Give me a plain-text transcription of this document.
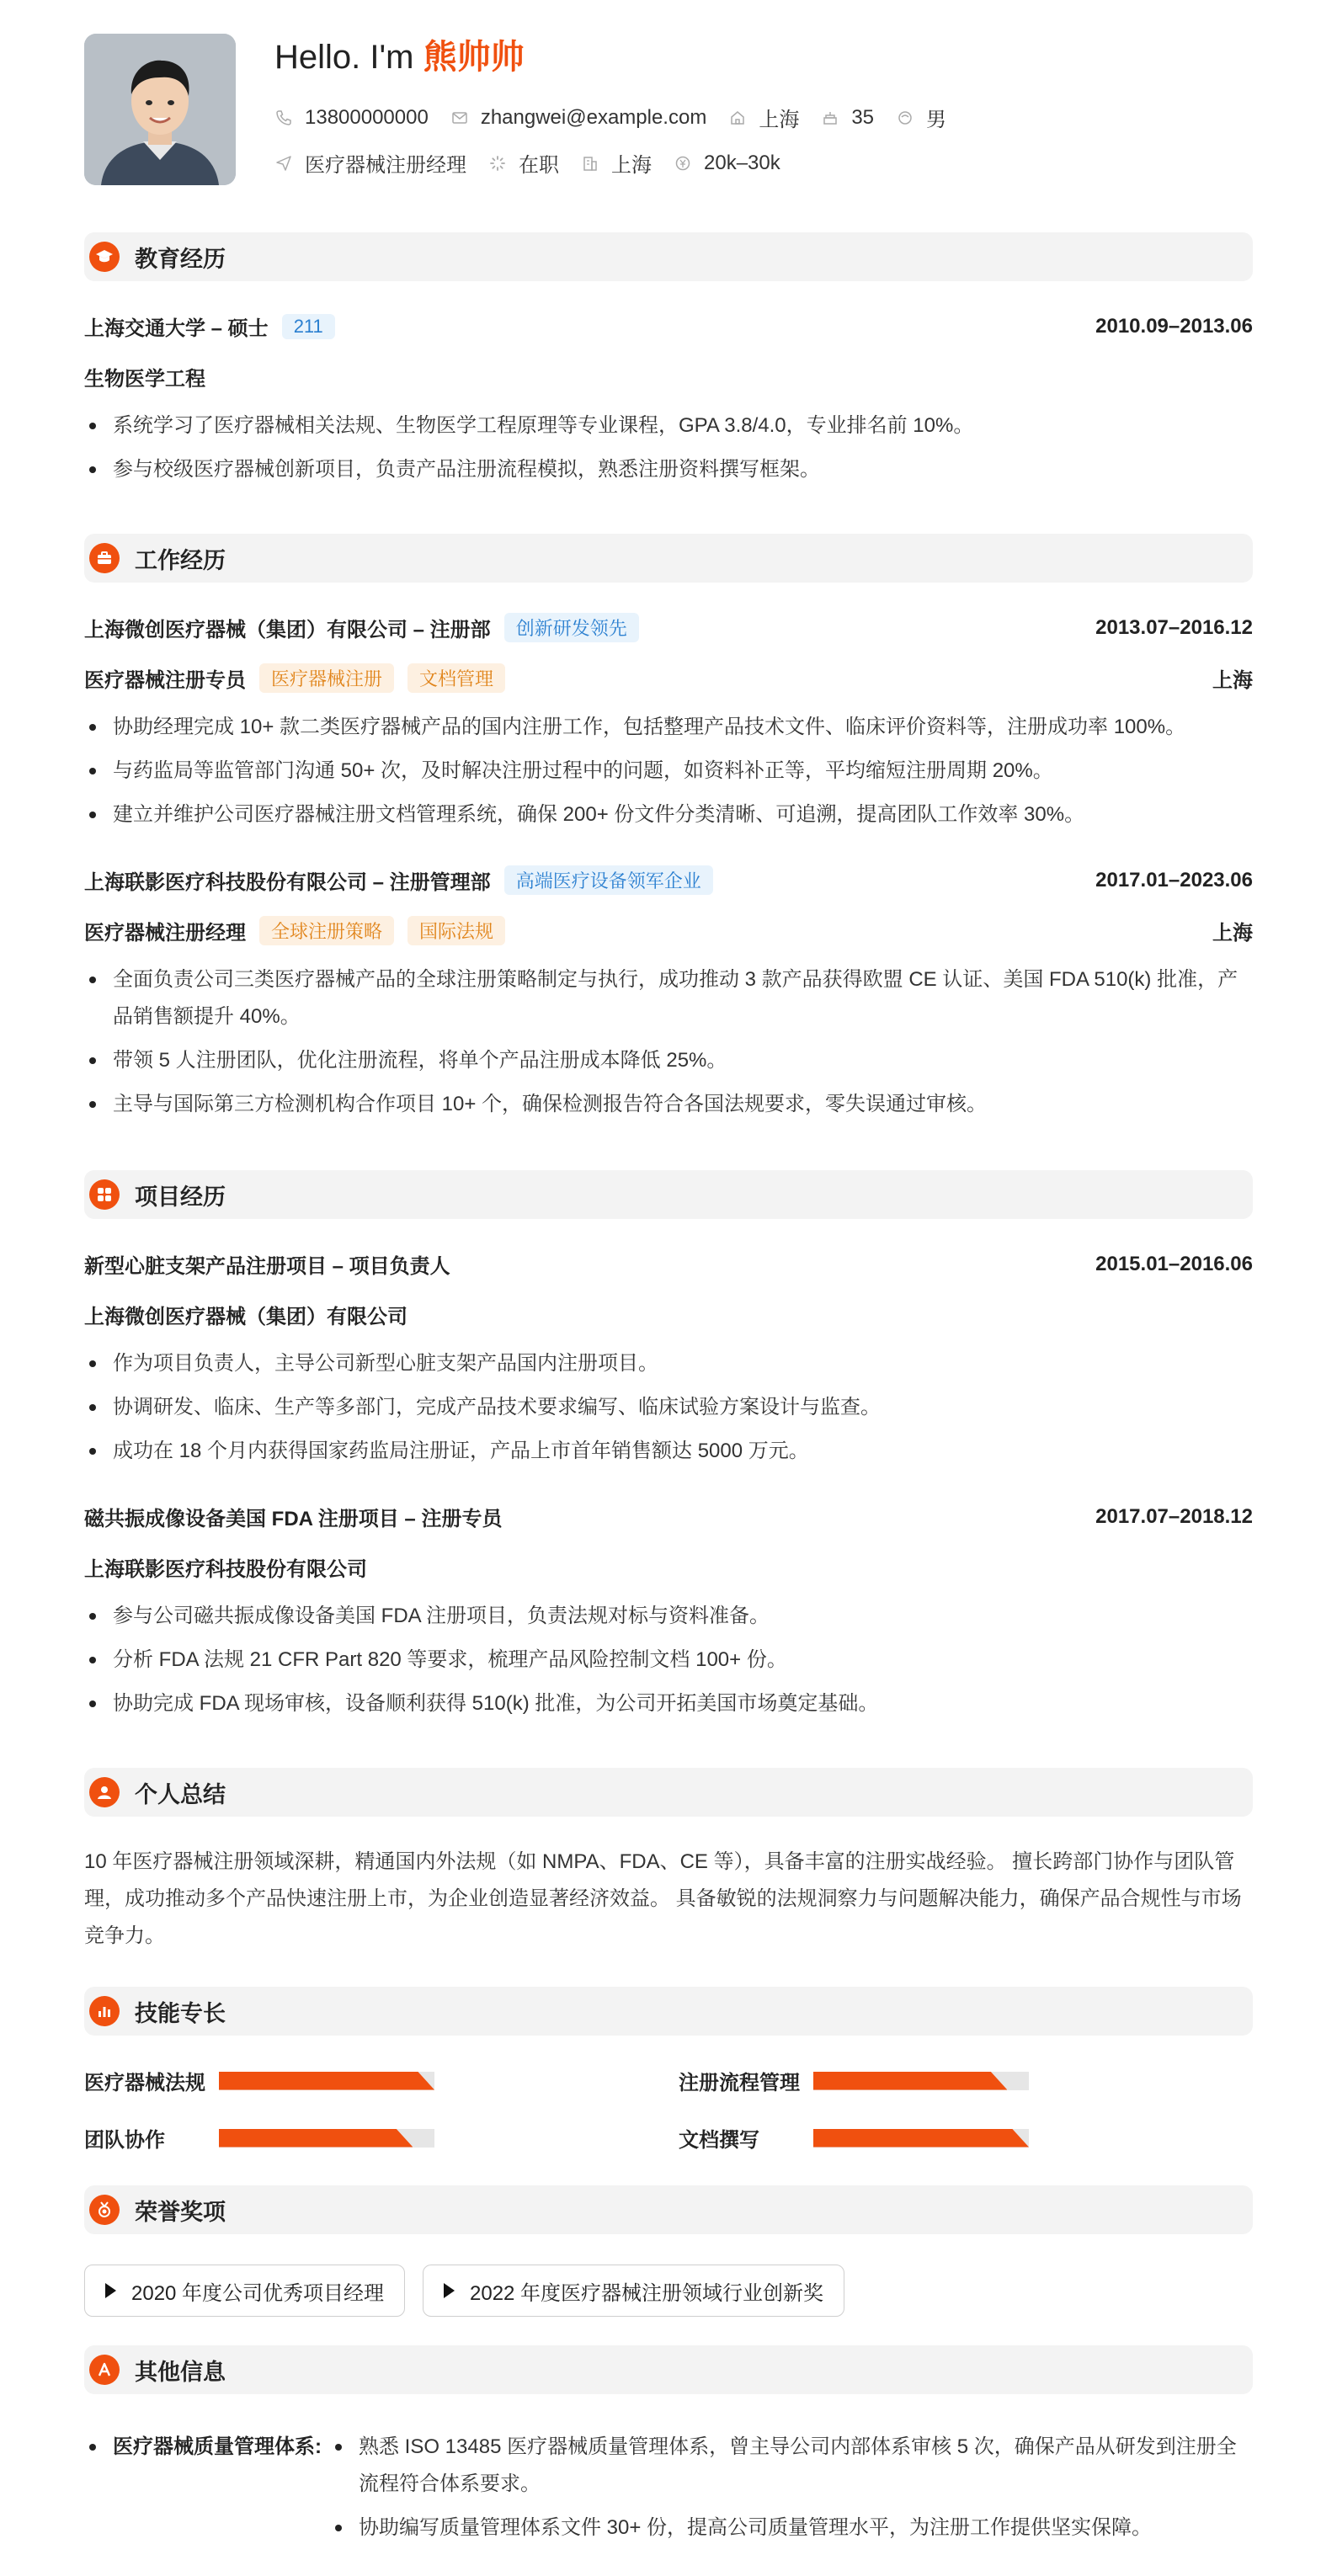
Hello. I'm 熊帅帅
13800000000	zhangwei@example.com	上海	35	男
医疗器械注册经理	在职	上海	20k–30k
教育经历
上海交通大学 – 硕士	211	2010.09–2013.06
生物医学工程
系统学习了医疗器械相关法规、生物医学工程原理等专业课程，GPA 3.8/4.0，专业排名前 10%。
参与校级医疗器械创新项目，负责产品注册流程模拟，熟悉注册资料撰写框架。
工作经历
上海微创医疗器械（集团）有限公司 – 注册部	创新研发领先	2013.07–2016.12
医疗器械注册专员	医疗器械注册	文档管理	上海
协助经理完成 10+ 款二类医疗器械产品的国内注册工作，包括整理产品技术文件、临床评价资料等，注册成功率 100%。
与药监局等监管部门沟通 50+ 次，及时解决注册过程中的问题，如资料补正等，平均缩短注册周期 20%。
建立并维护公司医疗器械注册文档管理系统，确保 200+ 份文件分类清晰、可追溯，提高团队工作效率 30%。
上海联影医疗科技股份有限公司 – 注册管理部	高端医疗设备领军企业	2017.01–2023.06
医疗器械注册经理	全球注册策略	国际法规	上海
全面负责公司三类医疗器械产品的全球注册策略制定与执行，成功推动 3 款产品获得欧盟 CE 认证、美国 FDA 510(k) 批准，产品销售额提升 40%。
带领 5 人注册团队，优化注册流程，将单个产品注册成本降低 25%。
主导与国际第三方检测机构合作项目 10+ 个，确保检测报告符合各国法规要求，零失误通过审核。
项目经历
新型心脏支架产品注册项目 – 项目负责人	2015.01–2016.06
上海微创医疗器械（集团）有限公司
作为项目负责人，主导公司新型心脏支架产品国内注册项目。
协调研发、临床、生产等多部门，完成产品技术要求编写、临床试验方案设计与监查。
成功在 18 个月内获得国家药监局注册证，产品上市首年销售额达 5000 万元。
磁共振成像设备美国 FDA 注册项目 – 注册专员	2017.07–2018.12
上海联影医疗科技股份有限公司
参与公司磁共振成像设备美国 FDA 注册项目，负责法规对标与资料准备。
分析 FDA 法规 21 CFR Part 820 等要求，梳理产品风险控制文档 100+ 份。
协助完成 FDA 现场审核，设备顺利获得 510(k) 批准，为公司开拓美国市场奠定基础。
个人总结

10 年医疗器械注册领域深耕，精通国内外法规（如 NMPA、FDA、CE 等），具备丰富的注册实战经验。 擅长跨部门协作与团队管理，成功推动多个产品快速注册上市，为企业创造显著经济效益。 具备敏锐的法规洞察力与问题解决能力，确保产品合规性与市场竞争力。

技能专长
医疗器械法规	注册流程管理
团队协作	文档撰写
荣誉奖项
2020 年度公司优秀项目经理	2022 年度医疗器械注册领域行业创新奖
其他信息
医疗器械质量管理体系:	熟悉 ISO 13485 医疗器械质量管理体系，曾主导公司内部体系审核 5 次，确保产品从研发到注册全流程符合体系要求。
协助编写质量管理体系文件 30+ 份，提高公司质量管理水平，为注册工作提供坚实保障。
